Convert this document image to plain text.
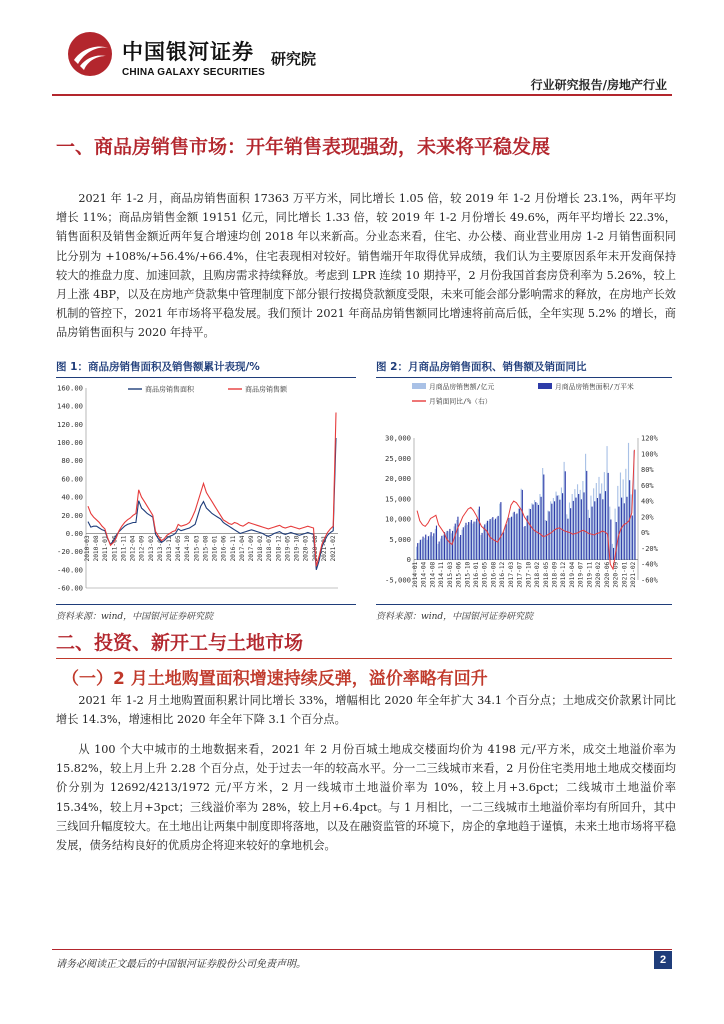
中国银河证券
CHINA GALAXY SECURITIES
研究院
行业研究报告/房地产行业
一、商品房销售市场：开年销售表现强劲，未来将平稳发展

2021 年 1-2 月，商品房销售面积 17363 万平方米，同比增长 1.05 倍，较 2019 年 1-2 月份增长 23.1%，两年平均增长 11%；商品房销售金额 19151 亿元，同比增长 1.33 倍，较 2019 年 1-2 月份增长 49.6%，两年平均增长 22.3%，销售面积及销售金额近两年复合增速均创 2018 年以来新高。分业态来看，住宅、办公楼、商业营业用房 1-2 月销售面积同比分别为 +108%/+56.4%/+66.4%，住宅表现相对较好。销售端开年取得优异成绩，我们认为主要原因系年末开发商保持较大的推盘力度、加速回款，且购房需求持续释放。考虑到 LPR 连续 10 期持平，2 月份我国首套房贷利率为 5.26%，较上月上涨 4BP，以及在房地产贷款集中管理制度下部分银行按揭贷款额度受限，未来可能会部分影响需求的释放，在房地产长效机制的管控下，2021 年市场将平稳发展。我们预计 2021 年商品房销售额同比增速将前高后低，全年实现 5.2% 的增长，商品房销售面积与 2020 年持平。

图 1：商品房销售面积及销售额累计表现/%
160.00
140.00
120.00
100.00
80.00
60.00
40.00
20.00
0.00
-20.00
-40.00
-60.00
2010-03 2011-01 2011-11 2012-09 2013-07 2014-05 2015-03 2016-01 2016-11 2017-09 2018-07 2019-05 2020-03 2021-01
2010-08 2011-06 2012-04 2013-02 2013-12 2014-10 2015-08 2016-06 2017-04 2018-02 2018-12 2019-10 2020-08 2021-02
商品房销售面积	商品房销售额
资料来源：wind，中国银河证券研究院
图 2：月商品房销售面积、销售额及销面同比
30,000
25,000
20,000
15,000
10,000
5,000
0
-5,000
120%
100%
80%
60%
40%
20%
0%
-20%
-40%
-60%
2014-01 2014-08 2015-03 2015-10 2016-05 2016-12 2017-07 2018-02 2018-09 2019-04 2019-11 2020-06 2021-01
2014-04 2014-11 2015-06 2016-01 2016-08 2017-03 2017-10 2018-05 2018-12 2019-07 2020-02 2020-09 2021-02
月商品房销售额/亿元	月商品房销售面积/万平米
月销面同比/%（右）
资料来源：wind，中国银河证券研究院
二、投资、新开工与土地市场
（一）2 月土地购置面积增速持续反弹，溢价率略有回升

2021 年 1-2 月土地购置面积累计同比增长 33%，增幅相比 2020 年全年扩大 34.1 个百分点；土地成交价款累计同比增长 14.3%，增速相比 2020 年全年下降 3.1 个百分点。

从 100 个大中城市的土地数据来看，2021 年 2 月份百城土地成交楼面均价为 4198 元/平方米，成交土地溢价率为 15.82%，较上月上升 2.28 个百分点，处于过去一年的较高水平。分一二三线城市来看，2 月份住宅类用地土地成交楼面均价分别为 12692/4213/1972 元/平方米，2 月一线城市土地溢价率为 10%，较上月+3.6pct；二线城市土地溢价率 15.34%，较上月+3pct；三线溢价率为 28%，较上月+6.4pct。与 1 月相比，一二三线城市土地溢价率均有所回升，其中三线回升幅度较大。在土地出让两集中制度即将落地，以及在融资监管的环境下，房企的拿地趋于谨慎，未来土地市场将平稳发展，债务结构良好的优质房企将迎来较好的拿地机会。

请务必阅读正文最后的中国银河证券股份公司免责声明。	2
